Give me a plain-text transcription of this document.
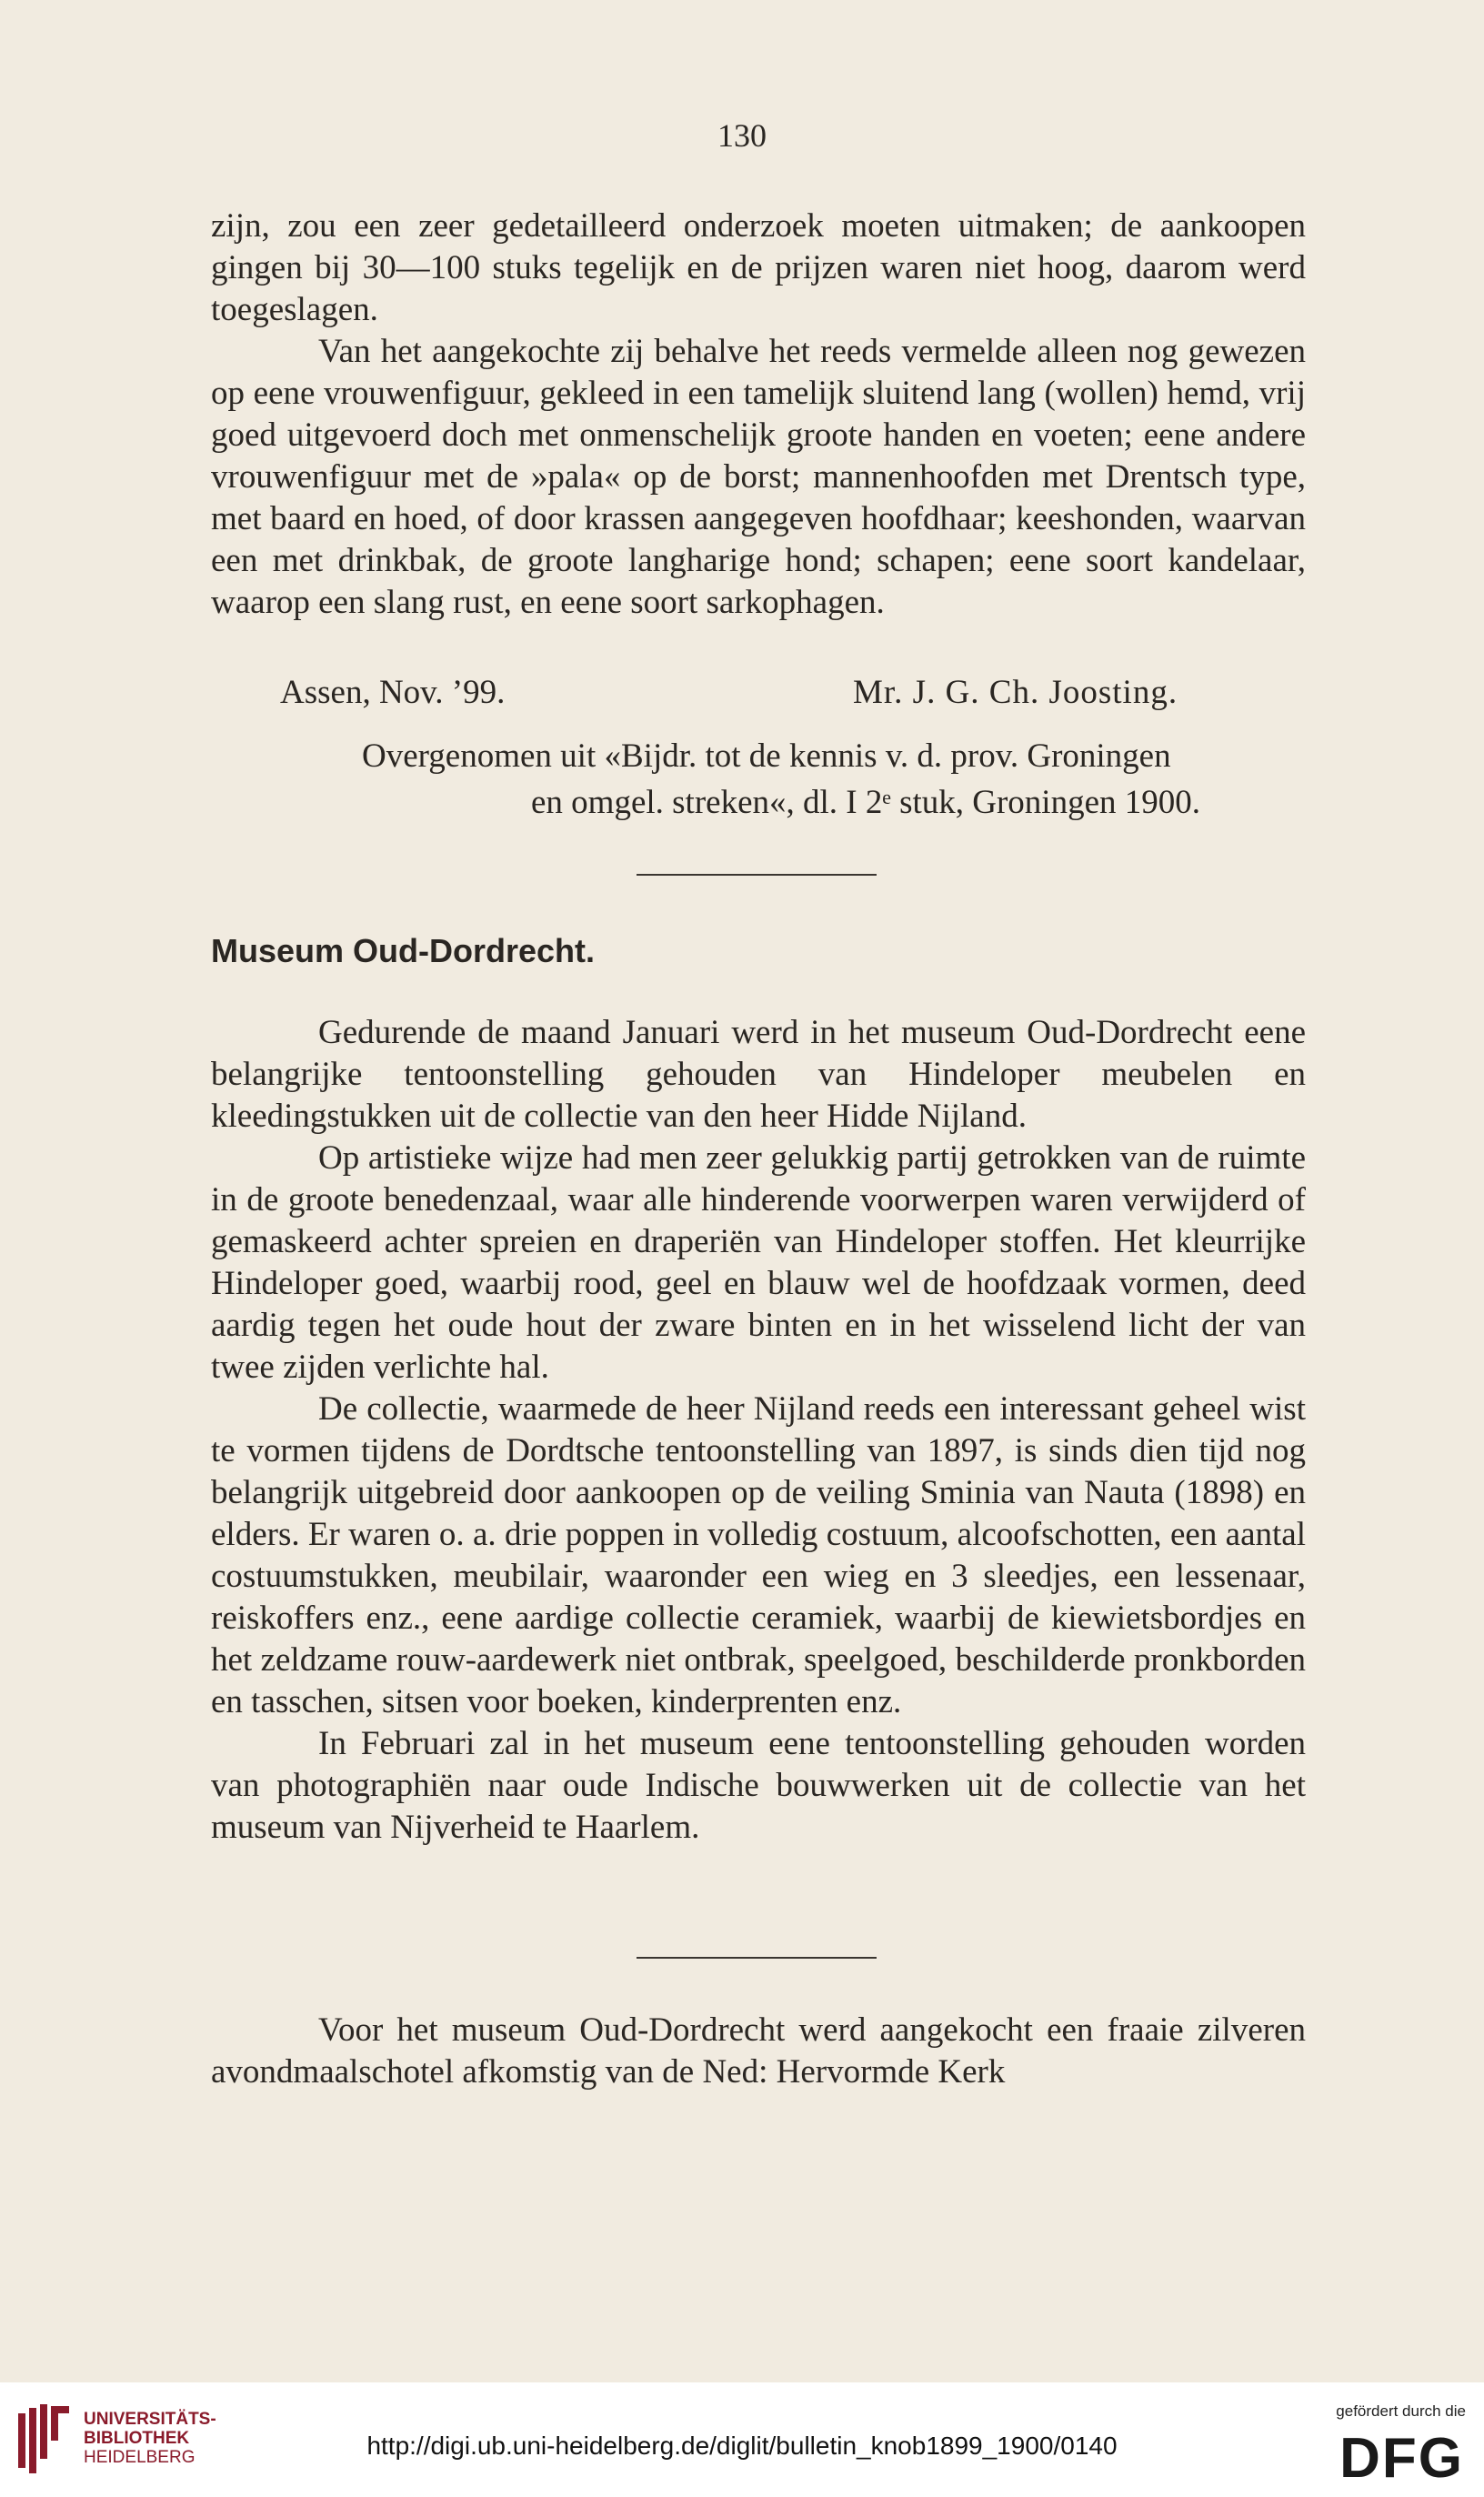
130

zijn, zou een zeer gedetailleerd onderzoek moeten uitmaken; de aankoopen gingen bij 30—100 stuks tegelijk en de prijzen waren niet hoog, daarom werd toegeslagen.

Van het aangekochte zij behalve het reeds vermelde alleen nog gewezen op eene vrouwenfiguur, gekleed in een tamelijk sluitend lang (wollen) hemd, vrij goed uitgevoerd doch met onmenschelijk groote handen en voeten; eene andere vrouwenfiguur met de »pala« op de borst; mannenhoofden met Drentsch type, met baard en hoed, of door krassen aangegeven hoofdhaar; keeshonden, waarvan een met drinkbak, de groote langharige hond; schapen; eene soort kandelaar, waarop een slang rust, en eene soort sarkophagen.

Assen, Nov. ’99.	Mr. J. G. Ch. Joosting.
Overgenomen uit «Bijdr. tot de kennis v. d. prov. Groningen
en omgel. streken«, dl. I 2ᵉ stuk, Groningen 1900.
Museum Oud-Dordrecht.

Gedurende de maand Januari werd in het museum Oud-Dordrecht eene belangrijke tentoonstelling gehouden van Hindeloper meubelen en kleedingstukken uit de collectie van den heer Hidde Nijland.

Op artistieke wijze had men zeer gelukkig partij getrokken van de ruimte in de groote benedenzaal, waar alle hinderende voorwerpen waren verwijderd of gemaskeerd achter spreien en draperiën van Hindeloper stoffen. Het kleurrijke Hindeloper goed, waarbij rood, geel en blauw wel de hoofdzaak vormen, deed aardig tegen het oude hout der zware binten en in het wisselend licht der van twee zijden verlichte hal.

De collectie, waarmede de heer Nijland reeds een interessant geheel wist te vormen tijdens de Dordtsche tentoonstelling van 1897, is sinds dien tijd nog belangrijk uitgebreid door aankoopen op de veiling Sminia van Nauta (1898) en elders. Er waren o. a. drie poppen in volledig costuum, alcoofschotten, een aantal costuumstukken, meubilair, waaronder een wieg en 3 sleedjes, een lessenaar, reiskoffers enz., eene aardige collectie ceramiek, waarbij de kiewietsbordjes en het zeldzame rouw-aardewerk niet ontbrak, speelgoed, beschilderde pronkborden en tasschen, sitsen voor boeken, kinderprenten enz.

In Februari zal in het museum eene tentoonstelling gehouden worden van photographiën naar oude Indische bouwwerken uit de collectie van het museum van Nijverheid te Haarlem.

Voor het museum Oud-Dordrecht werd aangekocht een fraaie zilveren avondmaalschotel afkomstig van de Ned: Hervormde Kerk

UNIVERSITÄTS-
BIBLIOTHEK
HEIDELBERG	http://digi.ub.uni-heidelberg.de/diglit/bulletin_knob1899_1900/0140
gefördert durch die
DFG
